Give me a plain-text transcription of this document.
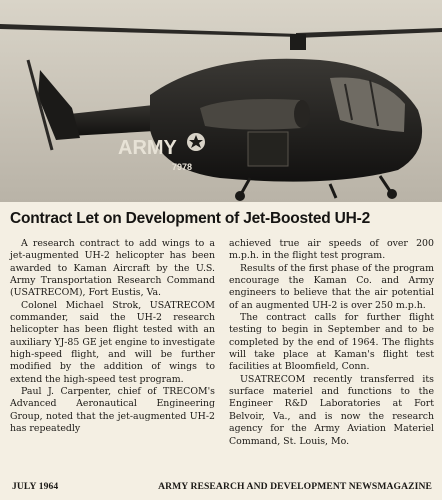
ARMY
7978
Contract Let on Development of Jet-Boosted UH-2

A research contract to add wings to a jet-augmented UH-2 helicopter has been awarded to Kaman Aircraft by the U.S. Army Transportation Research Command (USATRECOM), Fort Eustis, Va.

Colonel Michael Strok, USATRECOM commander, said the UH-2 research helicopter has been flight tested with an auxiliary YJ-85 GE jet engine to investigate high-speed flight, and will be further modified by the addition of wings to extend the high-speed test program.

Paul J. Carpenter, chief of TRECOM's Advanced Aeronautical Engineering Group, noted that the jet-augmented UH-2 has repeatedly

achieved true air speeds of over 200 m.p.h. in the flight test program.

Results of the first phase of the program encourage the Kaman Co. and Army engineers to believe that the air potential of an augmented UH-2 is over 250 m.p.h.

The contract calls for further flight testing to begin in September and to be completed by the end of 1964. The flights will take place at Kaman's flight test facilities at Bloomfield, Conn.

USATRECOM recently transferred its surface materiel and functions to the Engineer R&D Laboratories at Fort Belvoir, Va., and is now the research agency for the Army Aviation Materiel Command, St. Louis, Mo.

JULY 1964	ARMY RESEARCH AND DEVELOPMENT NEWSMAGAZINE
